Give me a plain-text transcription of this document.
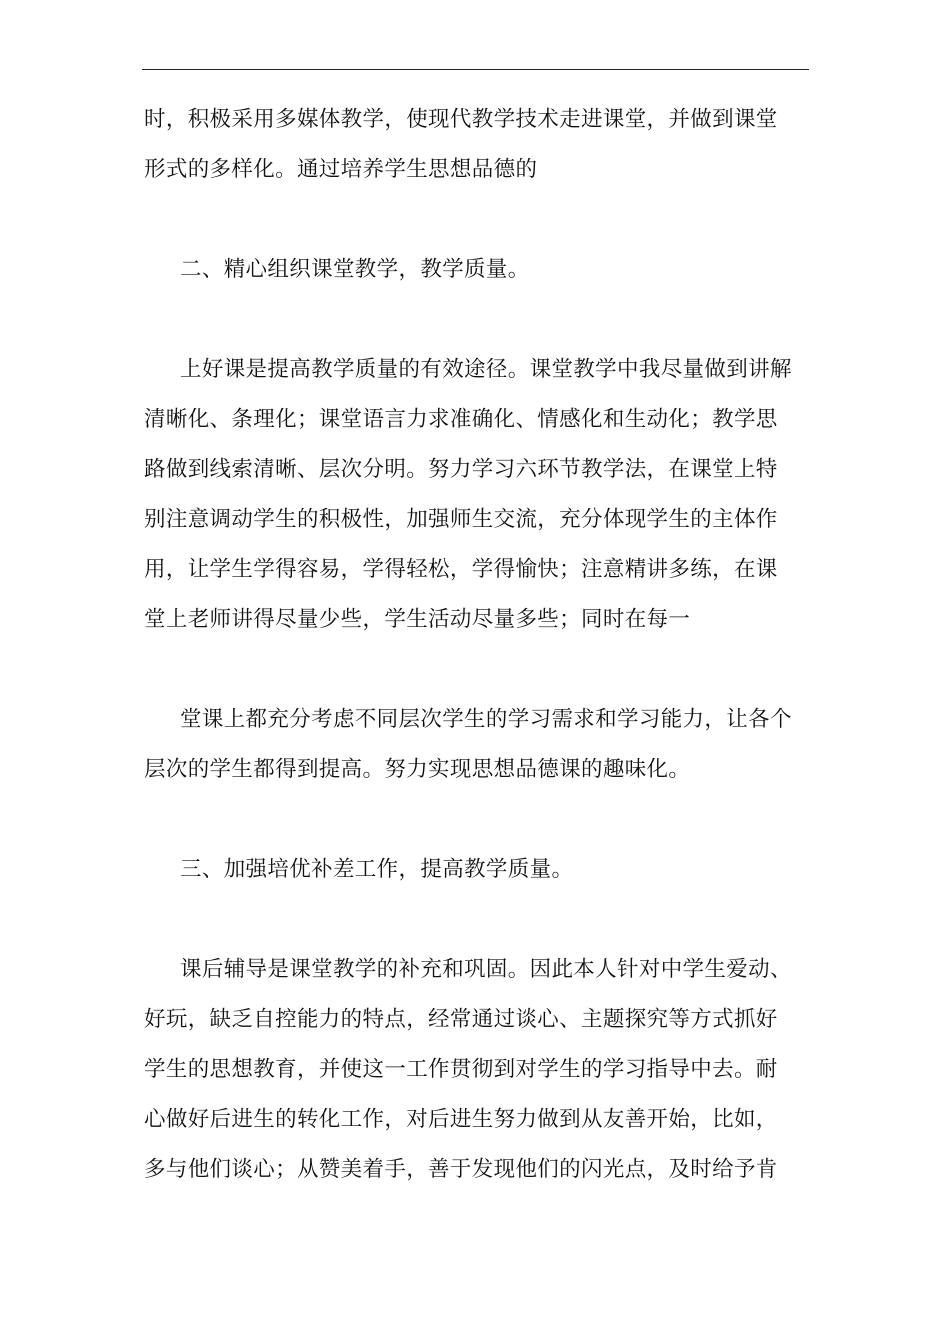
时，积极采用多媒体教学，使现代教学技术走进课堂，并做到课堂
形式的多样化。通过培养学生思想品德的

二、精心组织课堂教学，教学质量。

上好课是提高教学质量的有效途径。课堂教学中我尽量做到讲解
清晰化、条理化；课堂语言力求准确化、情感化和生动化；教学思
路做到线索清晰、层次分明。努力学习六环节教学法，在课堂上特
别注意调动学生的积极性，加强师生交流，充分体现学生的主体作
用，让学生学得容易，学得轻松，学得愉快；注意精讲多练，在课
堂上老师讲得尽量少些，学生活动尽量多些；同时在每一

堂课上都充分考虑不同层次学生的学习需求和学习能力，让各个
层次的学生都得到提高。努力实现思想品德课的趣味化。

三、加强培优补差工作，提高教学质量。

课后辅导是课堂教学的补充和巩固。因此本人针对中学生爱动、
好玩，缺乏自控能力的特点，经常通过谈心、主题探究等方式抓好
学生的思想教育，并使这一工作贯彻到对学生的学习指导中去。耐
心做好后进生的转化工作，对后进生努力做到从友善开始，比如，
多与他们谈心；从赞美着手，善于发现他们的闪光点，及时给予肯
